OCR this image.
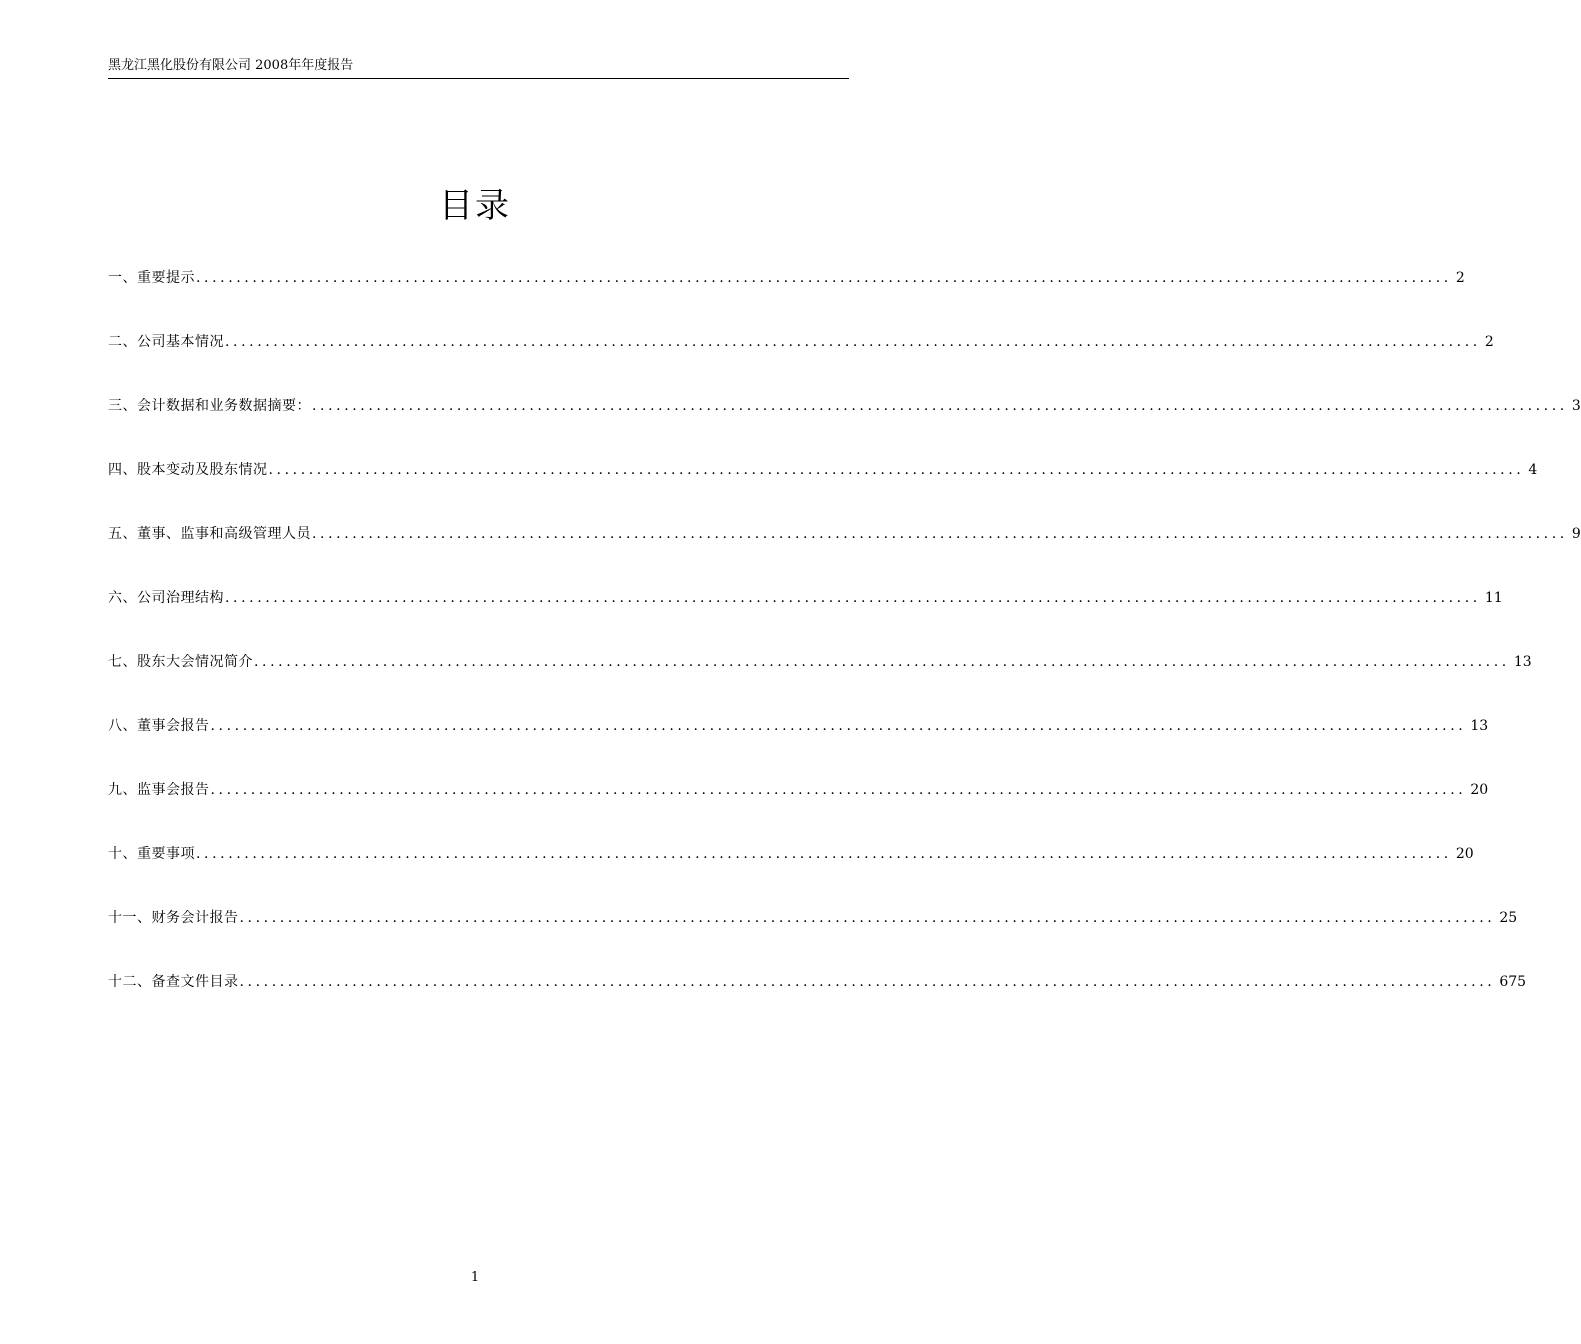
黑龙江黑化股份有限公司 2008年年度报告
目录
一、重要提示 ............................................................................................................................................................ 2
二、公司基本情况 ............................................................................................................................................................ 2
三、会计数据和业务数据摘要： ............................................................................................................................................................ 3
四、股本变动及股东情况 ............................................................................................................................................................ 4
五、董事、监事和高级管理人员 ............................................................................................................................................................ 9
六、公司治理结构 ............................................................................................................................................................ 11
七、股东大会情况简介 ............................................................................................................................................................ 13
八、董事会报告 ............................................................................................................................................................ 13
九、监事会报告 ............................................................................................................................................................ 20
十、重要事项 ............................................................................................................................................................ 20
十一、财务会计报告 ............................................................................................................................................................ 25
十二、备查文件目录 ............................................................................................................................................................ 675
1
